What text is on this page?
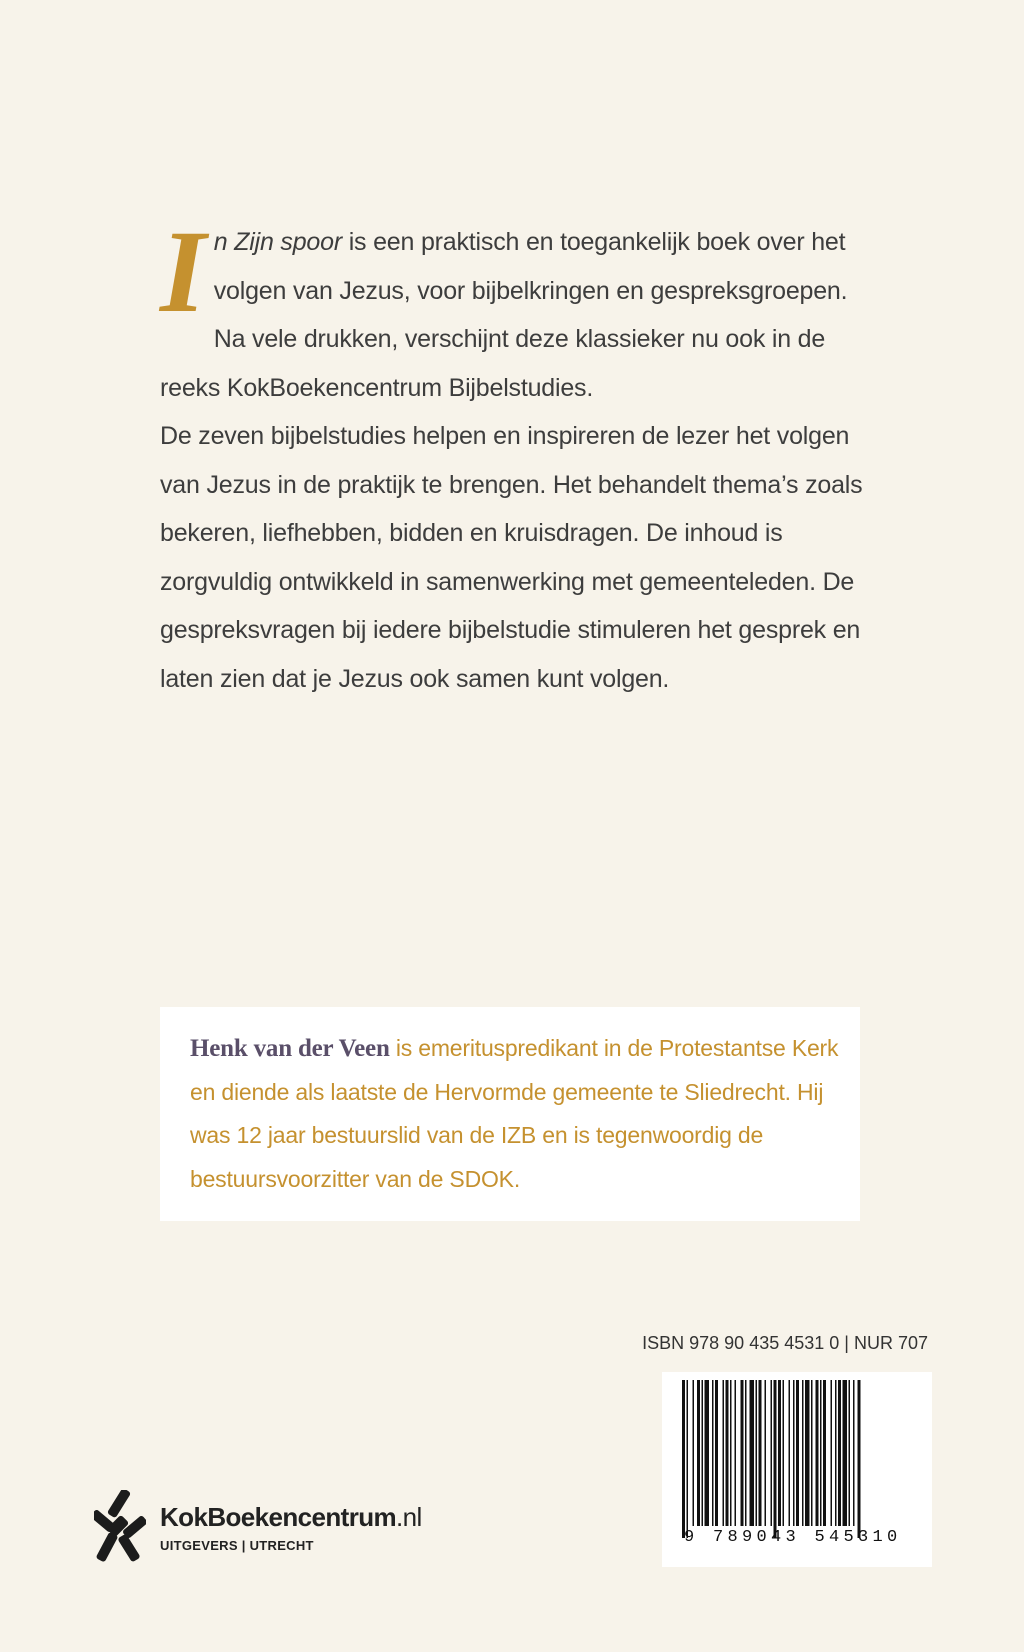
I n Zijn spoor is een praktisch en toegankelijk boek over het volgen van Jezus, voor bijbelkringen en gespreksgroepen.

Na vele drukken, verschijnt deze klassieker nu ook in de reeks KokBoekencentrum Bijbelstudies.

De zeven bijbelstudies helpen en inspireren de lezer het volgen van Jezus in de praktijk te brengen. Het behandelt thema’s zoals bekeren, liefhebben, bidden en kruisdragen. De inhoud is zorgvuldig ontwikkeld in samenwerking met gemeenteleden. De gespreksvragen bij iedere bijbelstudie stimuleren het gesprek en laten zien dat je Jezus ook samen kunt volgen.

Henk van der Veen is emerituspredikant in de Protestantse Kerk en diende als laatste de Hervormde gemeente te Sliedrecht. Hij was 12 jaar bestuurslid van de IZB en is tegenwoordig de bestuursvoorzitter van de SDOK.
ISBN 978 90 435 4531 0 | NUR 707
9 789043 545310
KokBoekencentrum.nl
UITGEVERS | UTRECHT
